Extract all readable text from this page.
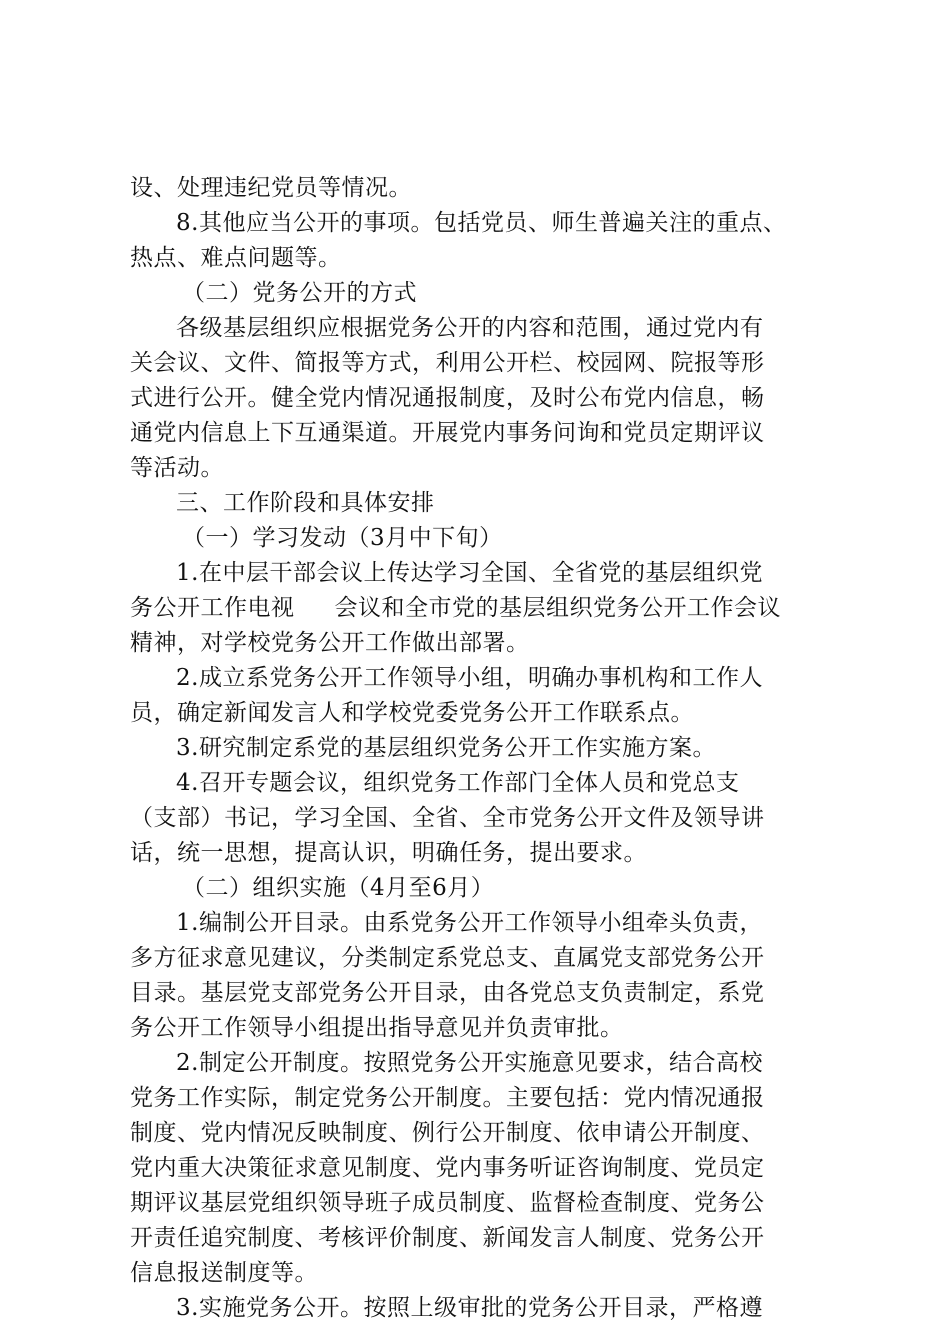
设、处理违纪党员等情况。
8.其他应当公开的事项。包括党员、师生普遍关注的重点、
热点、难点问题等。
（二）党务公开的方式
各级基层组织应根据党务公开的内容和范围，通过党内有
关会议、文件、简报等方式，利用公开栏、校园网、院报等形
式进行公开。健全党内情况通报制度，及时公布党内信息，畅
通党内信息上下互通渠道。开展党内事务问询和党员定期评议
等活动。
三、工作阶段和具体安排
（一）学习发动（3月中下旬）
1.在中层干部会议上传达学习全国、全省党的基层组织党
务公开工作电视 会议和全市党的基层组织党务公开工作会议
精神，对学校党务公开工作做出部署。
2.成立系党务公开工作领导小组，明确办事机构和工作人
员，确定新闻发言人和学校党委党务公开工作联系点。
3.研究制定系党的基层组织党务公开工作实施方案。
4.召开专题会议，组织党务工作部门全体人员和党总支
（支部）书记，学习全国、全省、全市党务公开文件及领导讲
话，统一思想，提高认识，明确任务，提出要求。
（二）组织实施（4月至6月）
1.编制公开目录。由系党务公开工作领导小组牵头负责，
多方征求意见建议，分类制定系党总支、直属党支部党务公开
目录。基层党支部党务公开目录，由各党总支负责制定，系党
务公开工作领导小组提出指导意见并负责审批。
2.制定公开制度。按照党务公开实施意见要求，结合高校
党务工作实际，制定党务公开制度。主要包括：党内情况通报
制度、党内情况反映制度、例行公开制度、依申请公开制度、
党内重大决策征求意见制度、党内事务听证咨询制度、党员定
期评议基层党组织领导班子成员制度、监督检查制度、党务公
开责任追究制度、考核评价制度、新闻发言人制度、党务公开
信息报送制度等。
3.实施党务公开。按照上级审批的党务公开目录，严格遵
